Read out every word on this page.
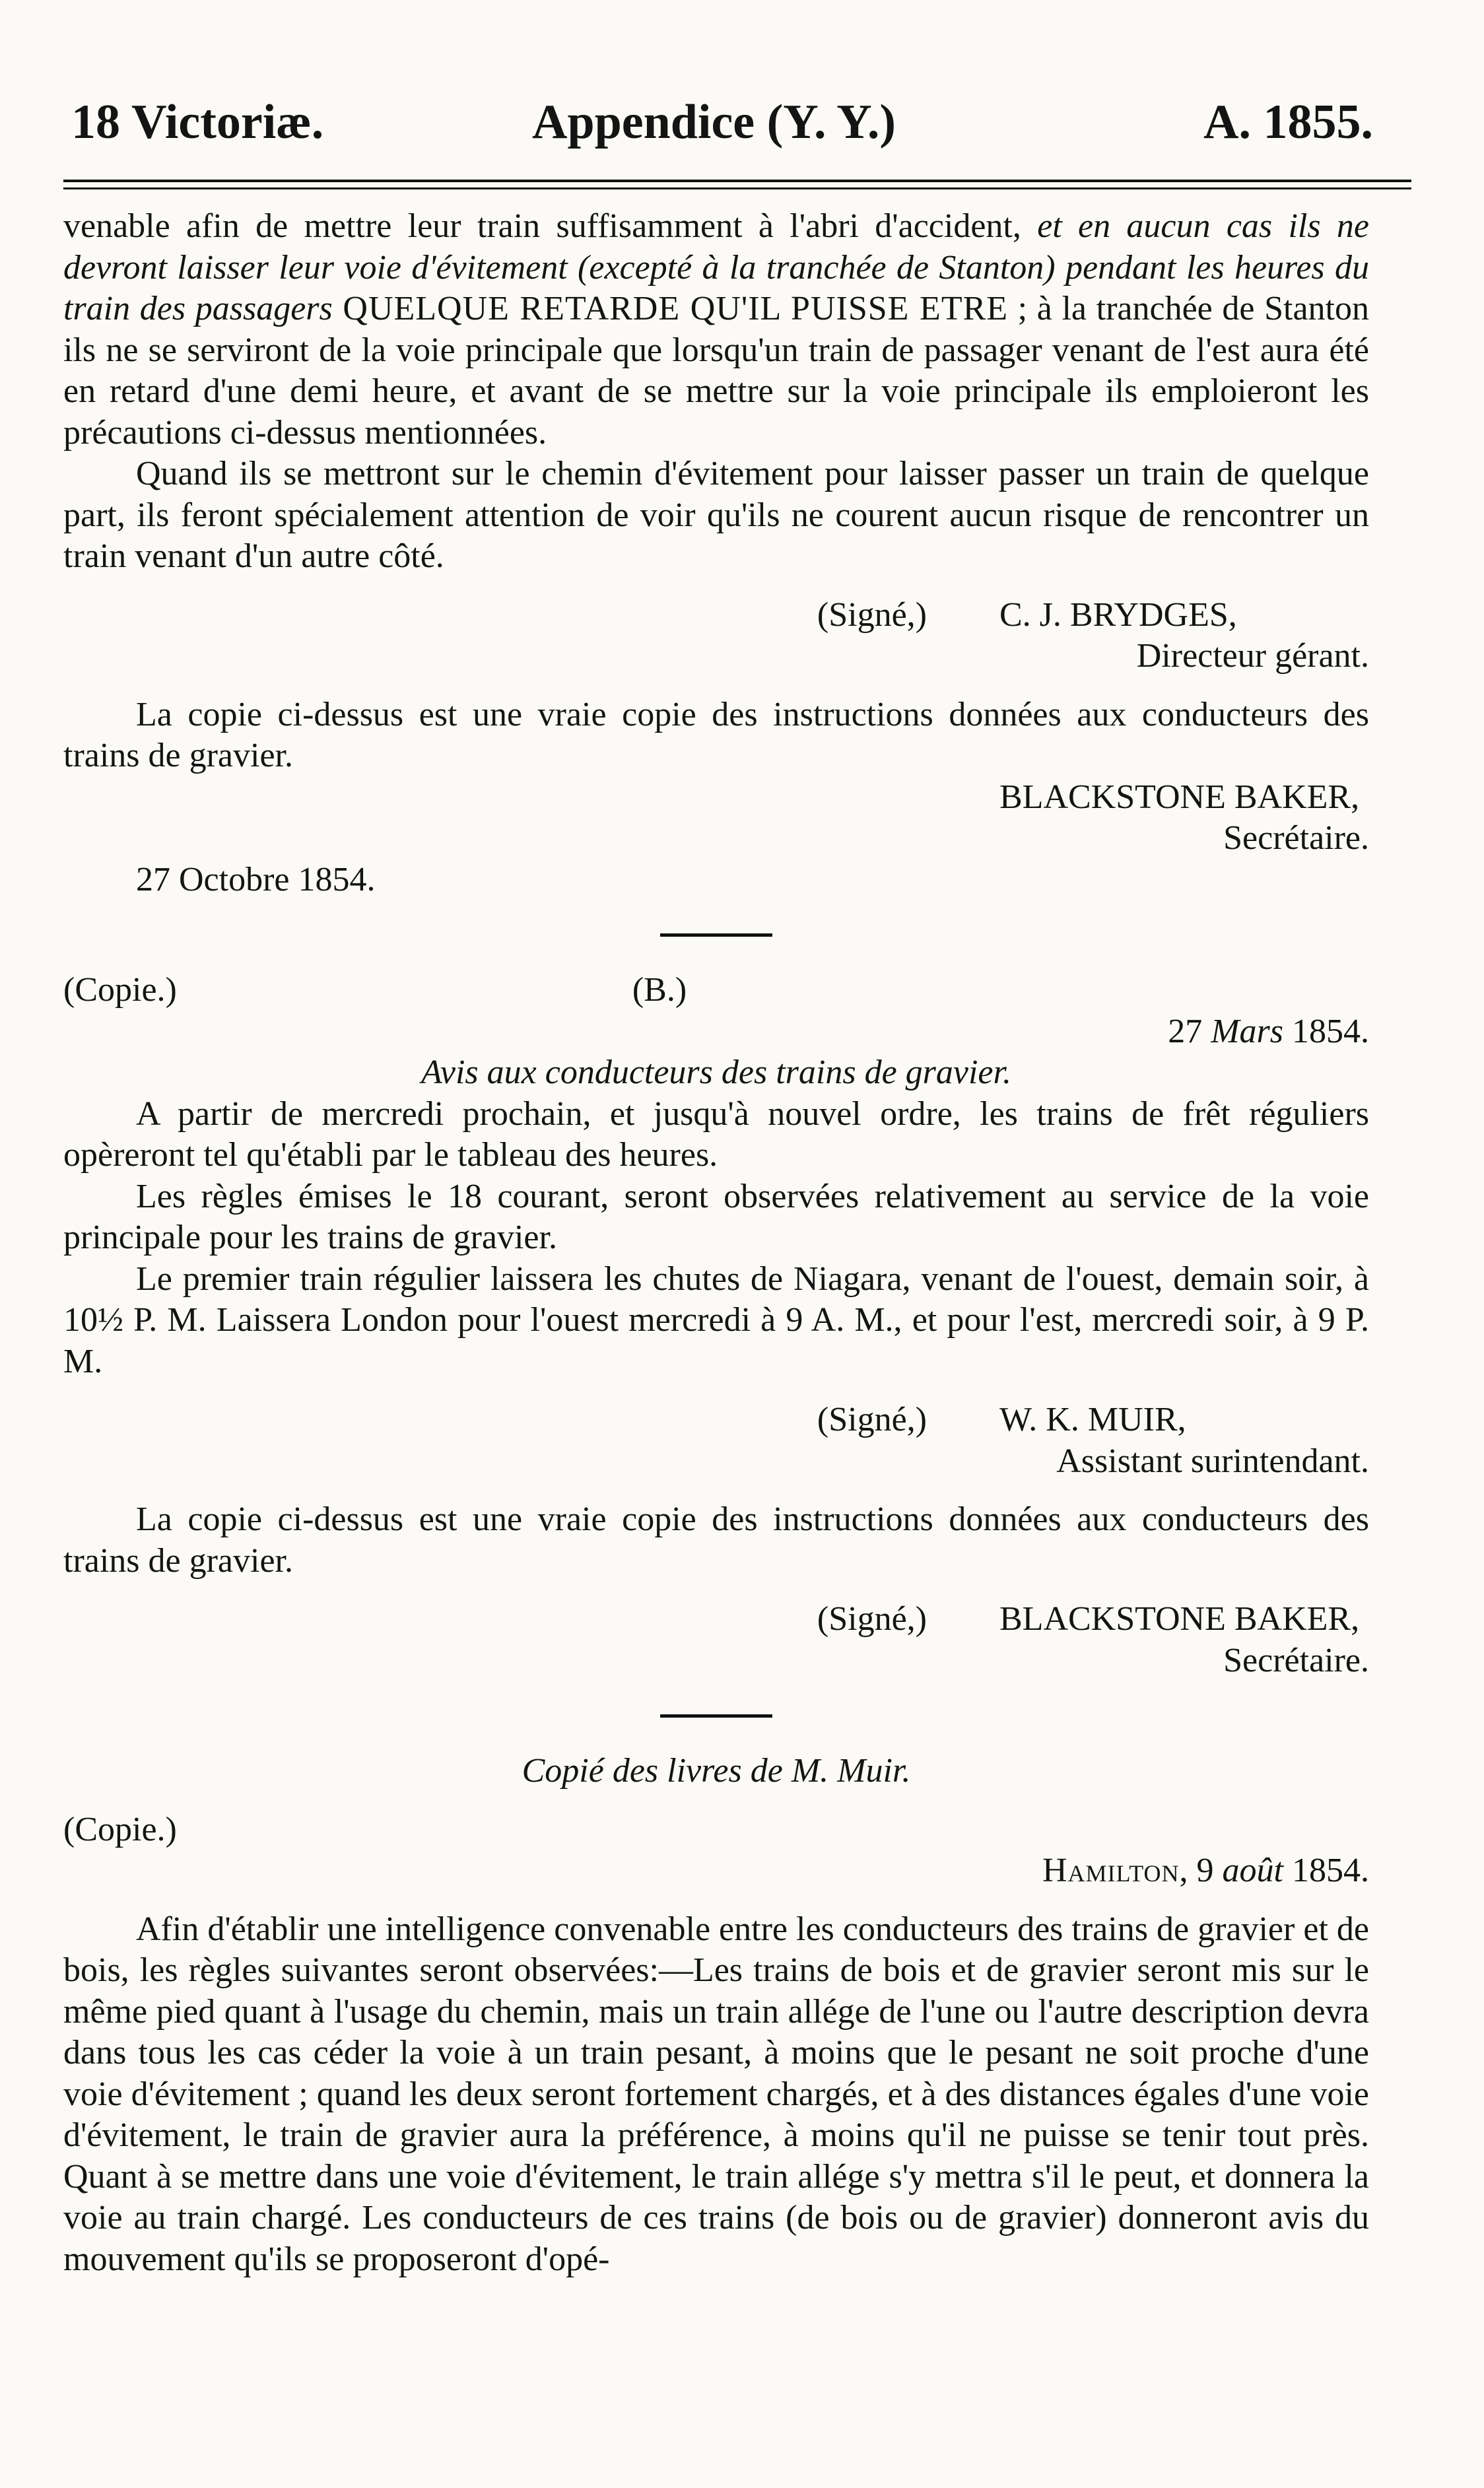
18 Victoriæ.	Appendice (Y. Y.)	A. 1855.

venable afin de mettre leur train suffisamment à l'abri d'accident, et en aucun cas ils ne devront laisser leur voie d'évitement (excepté à la tranchée de Stanton) pendant les heures du train des passagers QUELQUE RETARDE QU'IL PUISSE ETRE ; à la tranchée de Stanton ils ne se serviront de la voie principale que lorsqu'un train de passager venant de l'est aura été en retard d'une demi heure, et avant de se mettre sur la voie principale ils emploieront les précautions ci-dessus mentionnées.

Quand ils se mettront sur le chemin d'évitement pour laisser passer un train de quelque part, ils feront spécialement attention de voir qu'ils ne courent aucun risque de rencontrer un train venant d'un autre côté.

(Signé,) C. J. BRYDGES,

Directeur gérant.

La copie ci-dessus est une vraie copie des instructions données aux conducteurs des trains de gravier.

BLACKSTONE BAKER,

Secrétaire.

27 Octobre 1854.

(Copie.)	(B.)

27 Mars 1854.

Avis aux conducteurs des trains de gravier.

A partir de mercredi prochain, et jusqu'à nouvel ordre, les trains de frêt réguliers opèreront tel qu'établi par le tableau des heures.

Les règles émises le 18 courant, seront observées relativement au service de la voie principale pour les trains de gravier.

Le premier train régulier laissera les chutes de Niagara, venant de l'ouest, demain soir, à 10½ P. M. Laissera London pour l'ouest mercredi à 9 A. M., et pour l'est, mercredi soir, à 9 P. M.

(Signé,) W. K. MUIR,

Assistant surintendant.

La copie ci-dessus est une vraie copie des instructions données aux conducteurs des trains de gravier.

(Signé,) BLACKSTONE BAKER,

Secrétaire.

Copié des livres de M. Muir.

(Copie.)

Hamilton, 9 août 1854.

Afin d'établir une intelligence convenable entre les conducteurs des trains de gravier et de bois, les règles suivantes seront observées:—Les trains de bois et de gravier seront mis sur le même pied quant à l'usage du chemin, mais un train allége de l'une ou l'autre description devra dans tous les cas céder la voie à un train pesant, à moins que le pesant ne soit proche d'une voie d'évitement ; quand les deux seront fortement chargés, et à des distances égales d'une voie d'évitement, le train de gravier aura la préférence, à moins qu'il ne puisse se tenir tout près. Quant à se mettre dans une voie d'évitement, le train allége s'y mettra s'il le peut, et donnera la voie au train chargé. Les conducteurs de ces trains (de bois ou de gravier) donneront avis du mouvement qu'ils se proposeront d'opé-
